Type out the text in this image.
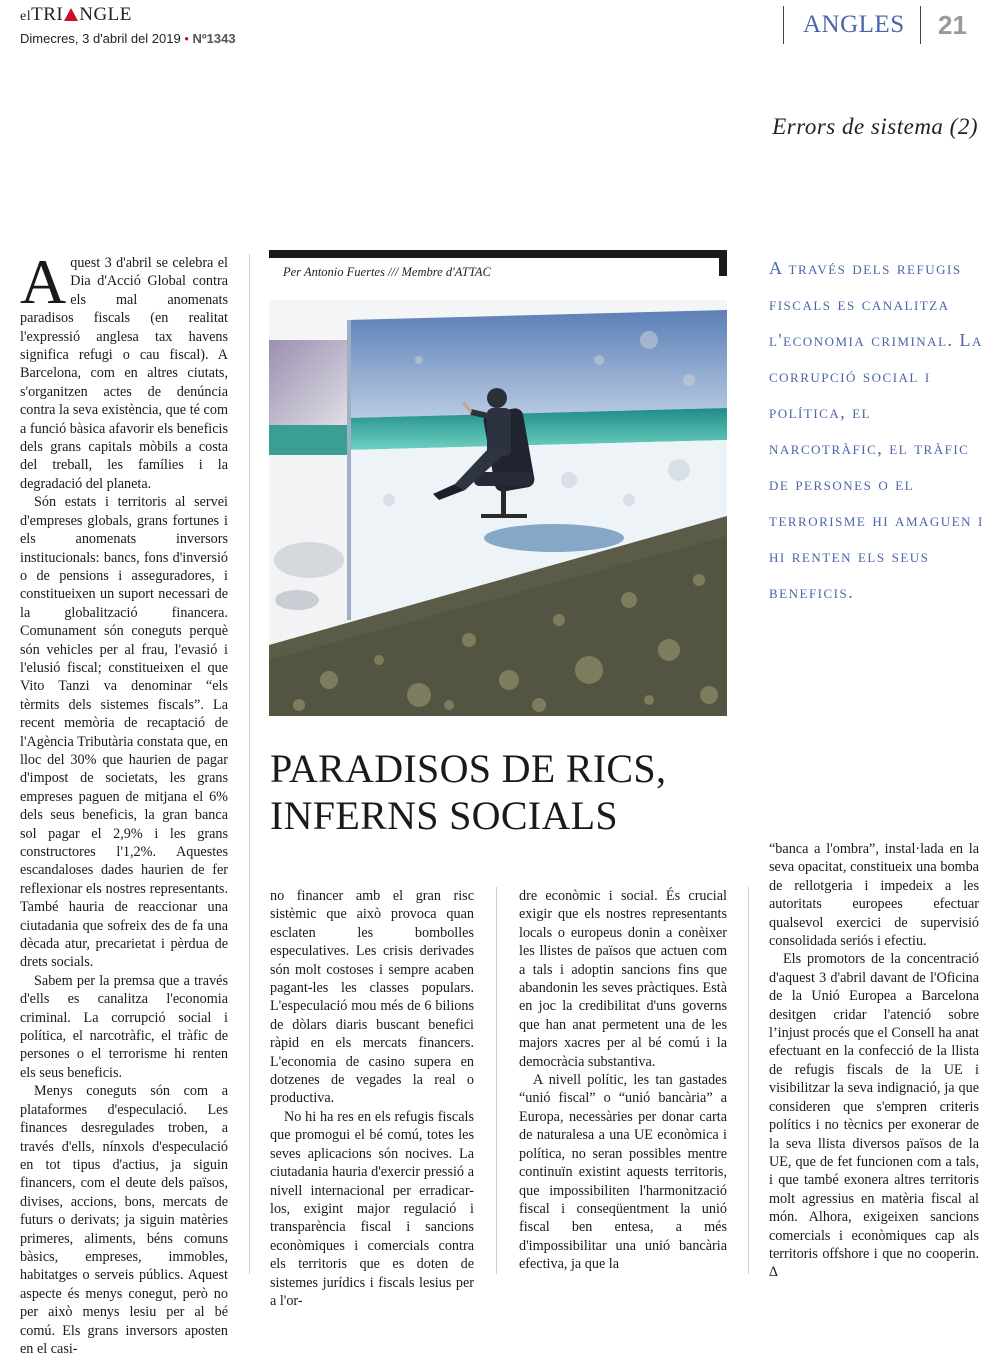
elTRI NGLE
Dimecres, 3 d'abril del 2019 • Nº1343
ANGLES 21
Errors de sistema (2)

Aquest 3 d'abril se celebra el Dia d'Acció Global contra els mal anomenats paradisos fiscals (en realitat l'expressió anglesa tax havens significa refugi o cau fiscal). A Barcelona, com en altres ciutats, s'organitzen actes de denúncia contra la seva existència, que té com a funció bàsica afavorir els beneficis dels grans capitals mòbils a costa del treball, les famílies i la degradació del planeta.

Són estats i territoris al servei d'empreses globals, grans fortunes i els anomenats inversors institucionals: bancs, fons d'inversió o de pensions i asseguradores, i constitueixen un suport necessari de la globalització financera. Comunament són coneguts perquè són vehicles per al frau, l'evasió i l'elusió fiscal; constitueixen el que Vito Tanzi va denominar “els tèrmits dels sistemes fiscals”. La recent memòria de recaptació de l'Agència Tributària constata que, en lloc del 30% que haurien de pagar d'impost de societats, les grans empreses paguen de mitjana el 6% dels seus beneficis, la gran banca sol pagar el 2,9% i les grans constructores l'1,2%. Aquestes escandaloses dades haurien de fer reflexionar els nostres representants. També hauria de reaccionar una ciutadania que sofreix des de fa una dècada atur, precarietat i pèrdua de drets socials.

Sabem per la premsa que a través d'ells es canalitza l'economia criminal. La corrupció social i política, el narcotràfic, el tràfic de persones o el terrorisme hi renten els seus beneficis.

Menys coneguts són com a plataformes d'especulació. Les finances desregulades troben, a través d'ells, nínxols d'especulació en tot tipus d'actius, ja siguin financers, com el deute dels països, divises, accions, bons, mercats de futurs o derivats; ja siguin matèries primeres, aliments, béns comuns bàsics, empreses, immobles, habitatges o serveis públics. Aquest aspecte és menys conegut, però no per això menys lesiu per al bé comú. Els grans inversors aposten en el casi-

Per Antonio Fuertes /// Membre d'ATTAC
PARADISOS DE RICS,
INFERNS SOCIALS

no financer amb el gran risc sistèmic que això provoca quan esclaten les bombolles especulatives. Les crisis derivades són molt costoses i sempre acaben pagant-les les classes populars. L'especulació mou més de 6 bilions de dòlars diaris buscant benefici ràpid en els mercats financers. L'economia de casino supera en dotzenes de vegades la real o productiva.

No hi ha res en els refugis fiscals que promogui el bé comú, totes les seves aplicacions són nocives. La ciutadania hauria d'exercir pressió a nivell internacional per erradicar-los, exigint major regulació i transparència fiscal i sancions econòmiques i comercials contra els territoris que es doten de sistemes jurídics i fiscals lesius per a l'or-

dre econòmic i social. És crucial exigir que els nostres representants locals o europeus donin a conèixer les llistes de països que actuen com a tals i adoptin sancions fins que abandonin les seves pràctiques. Està en joc la credibilitat d'uns governs que han anat permetent una de les majors xacres per al bé comú i la democràcia substantiva.

A nivell polític, les tan gastades “unió fiscal” o “unió bancària” a Europa, necessàries per donar carta de naturalesa a una UE econòmica i política, no seran possibles mentre continuïn existint aquests territoris, que impossibiliten l'harmonització fiscal i conseqüentment la unió fiscal ben entesa, a més d'impossibilitar una unió bancària efectiva, ja que la

A través dels refugis fiscals es canalitza l'economia criminal. La corrupció social i política, el narcotràfic, el tràfic de persones o el terrorisme hi amaguen i hi renten els seus beneficis.

“banca a l'ombra”, instal·lada en la seva opacitat, constitueix una bomba de rellotgeria i impedeix a les autoritats europees efectuar qualsevol exercici de supervisió consolidada seriós i efectiu.

Els promotors de la concentració d'aquest 3 d'abril davant de l'Oficina de la Unió Europea a Barcelona desitgen cridar l'atenció sobre l’injust procés que el Consell ha anat efectuant en la confecció de la llista de refugis fiscals de la UE i visibilitzar la seva indignació, ja que consideren que s'empren criteris polítics i no tècnics per exonerar de la seva llista diversos països de la UE, que de fet funcionen com a tals, i que també exonera altres territoris molt agressius en matèria fiscal al món. Alhora, exigeixen sancions comercials i econòmiques cap als territoris offshore i que no cooperin. ∆
